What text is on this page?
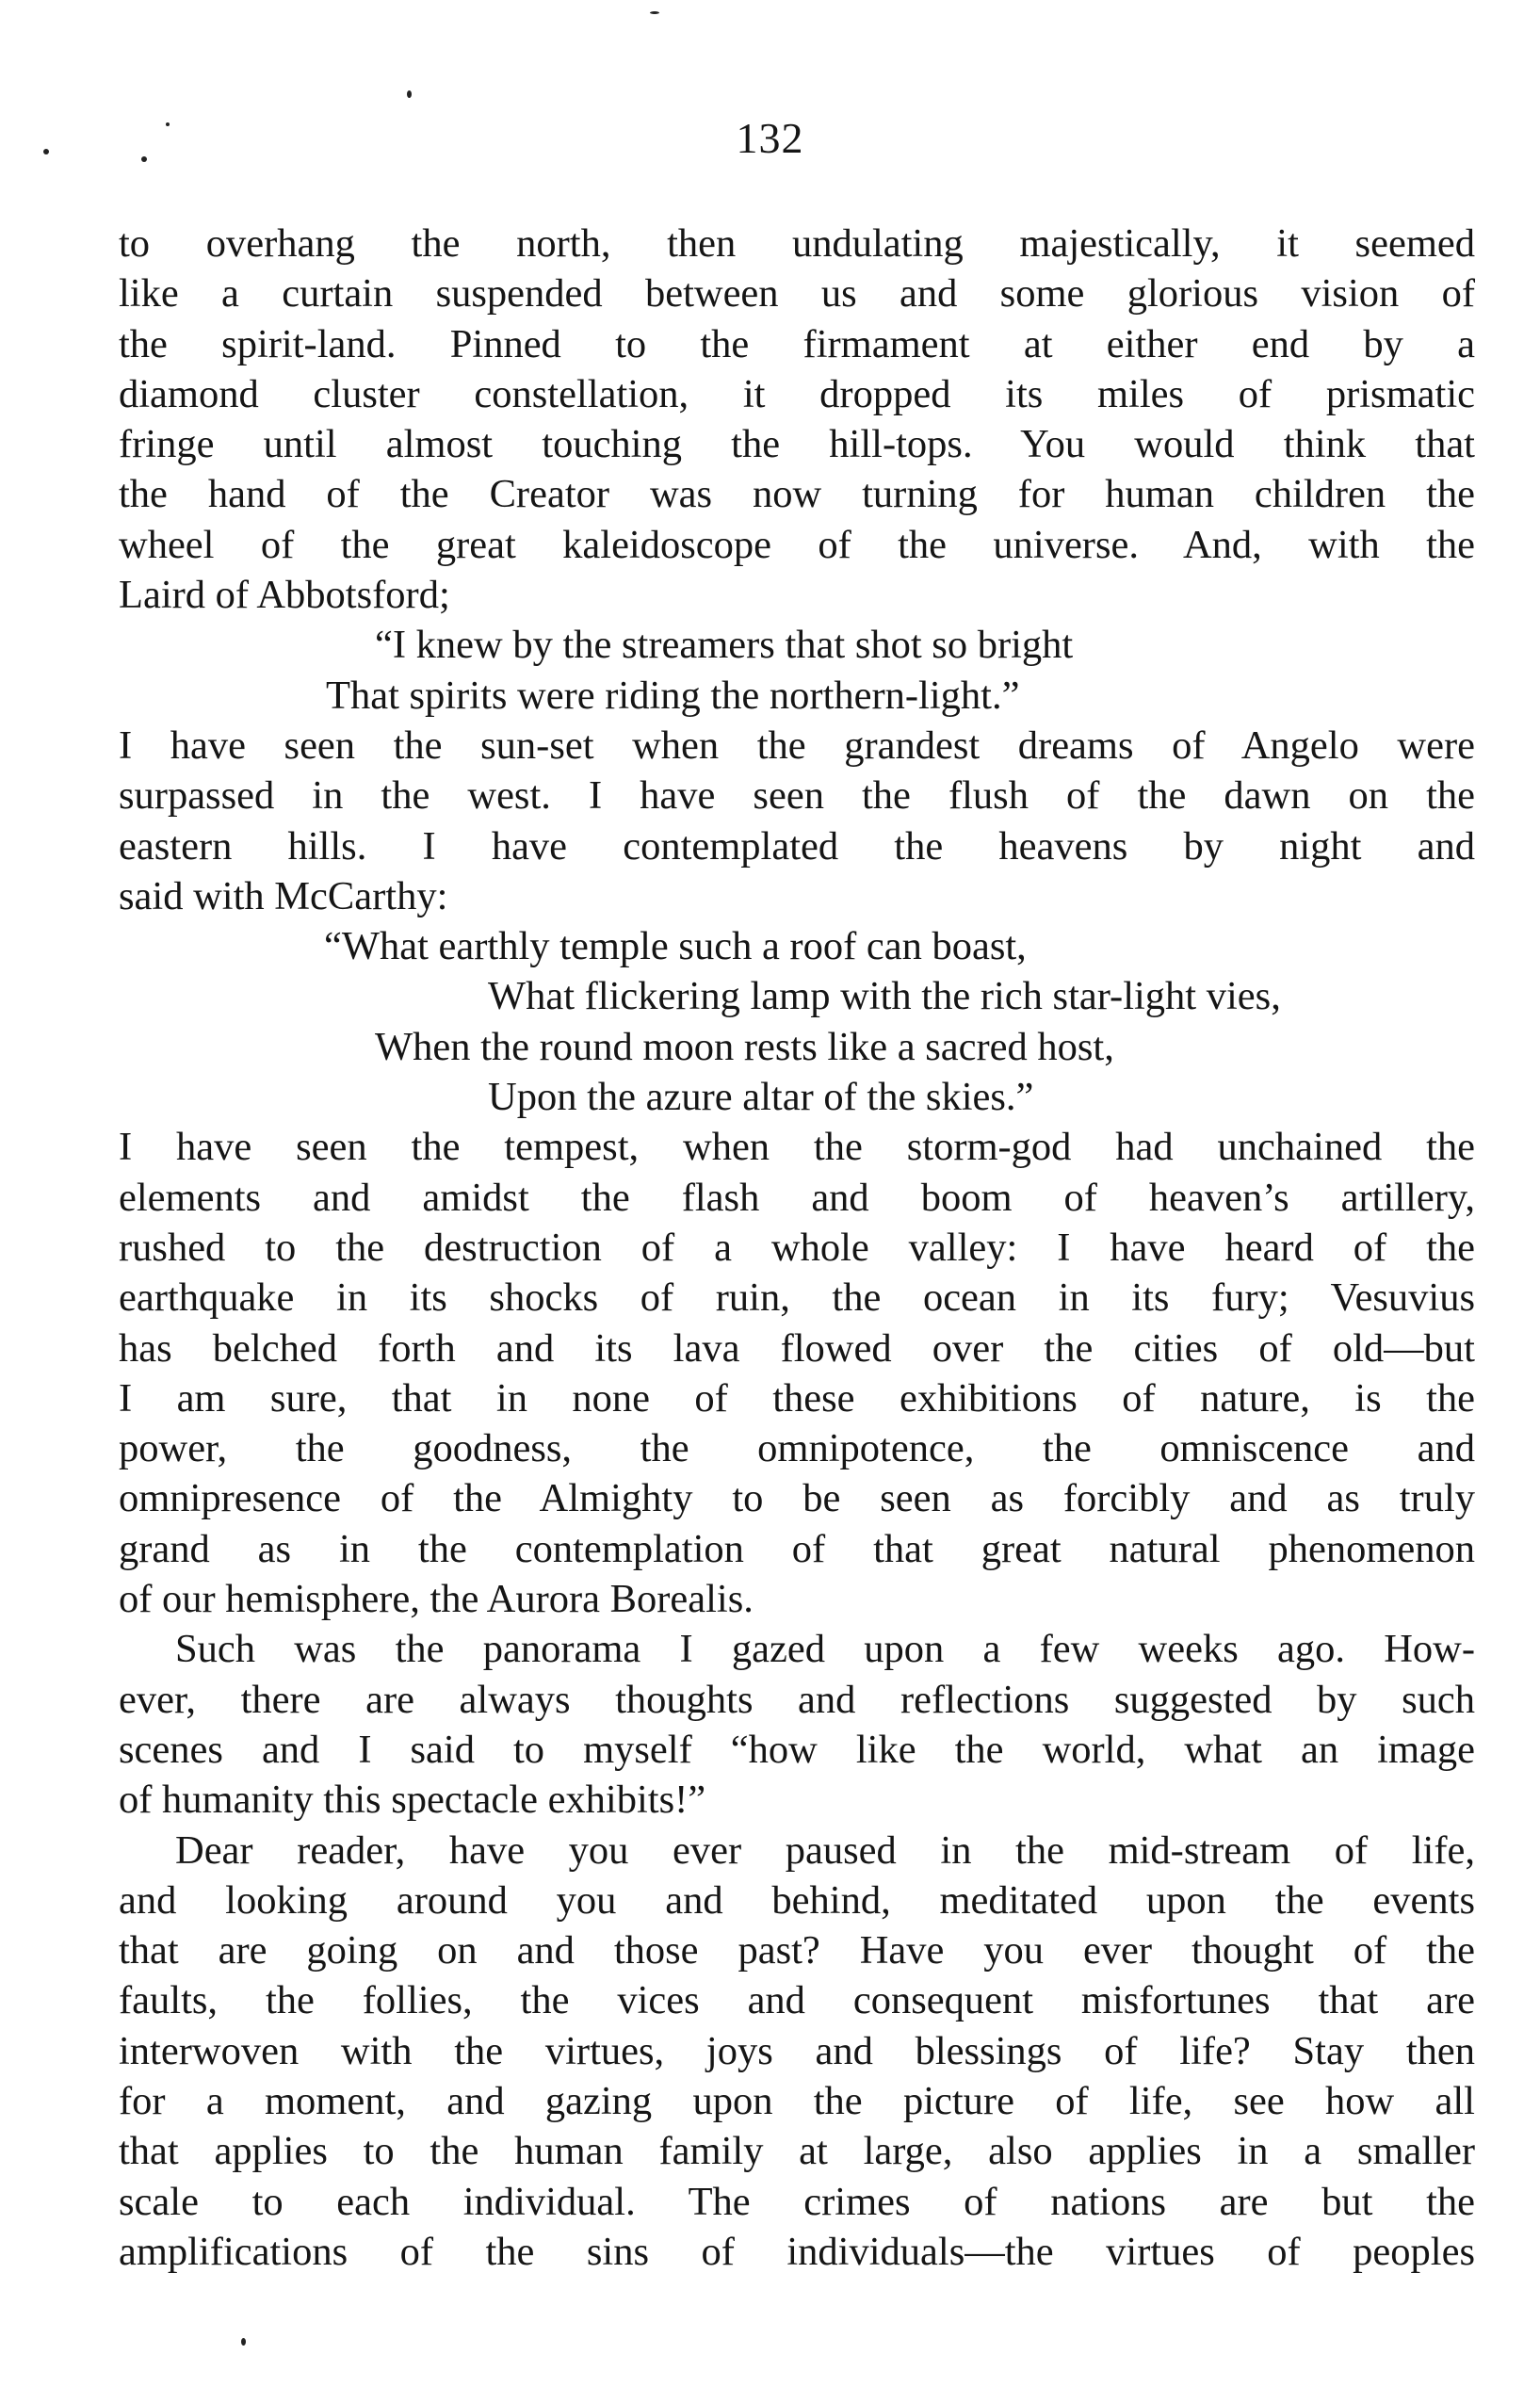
132
to overhang the north, then undulating majestically, it seemed
like a curtain suspended between us and some glorious vision of
the spirit-land. Pinned to the firmament at either end by a
diamond cluster constellation, it dropped its miles of prismatic
fringe until almost touching the hill-tops. You would think that
the hand of the Creator was now turning for human children the
wheel of the great kaleidoscope of the universe. And, with the
Laird of Abbotsford;
“I knew by the streamers that shot so bright
That spirits were riding the northern-light.”
I have seen the sun-set when the grandest dreams of Angelo were
surpassed in the west. I have seen the flush of the dawn on the
eastern hills. I have contemplated the heavens by night and
said with McCarthy:
“What earthly temple such a roof can boast,
What flickering lamp with the rich star-light vies,
When the round moon rests like a sacred host,
Upon the azure altar of the skies.”
I have seen the tempest, when the storm-god had unchained the
elements and amidst the flash and boom of heaven’s artillery,
rushed to the destruction of a whole valley: I have heard of the
earthquake in its shocks of ruin, the ocean in its fury; Vesuvius
has belched forth and its lava flowed over the cities of old—but
I am sure, that in none of these exhibitions of nature, is the
power, the goodness, the omnipotence, the omniscence and
omnipresence of the Almighty to be seen as forcibly and as truly
grand as in the contemplation of that great natural phenomenon
of our hemisphere, the Aurora Borealis.
Such was the panorama I gazed upon a few weeks ago. How-
ever, there are always thoughts and reflections suggested by such
scenes and I said to myself “how like the world, what an image
of humanity this spectacle exhibits!”
Dear reader, have you ever paused in the mid-stream of life,
and looking around you and behind, meditated upon the events
that are going on and those past? Have you ever thought of the
faults, the follies, the vices and consequent misfortunes that are
interwoven with the virtues, joys and blessings of life? Stay then
for a moment, and gazing upon the picture of life, see how all
that applies to the human family at large, also applies in a smaller
scale to each individual. The crimes of nations are but the
amplifications of the sins of individuals—the virtues of peoples
